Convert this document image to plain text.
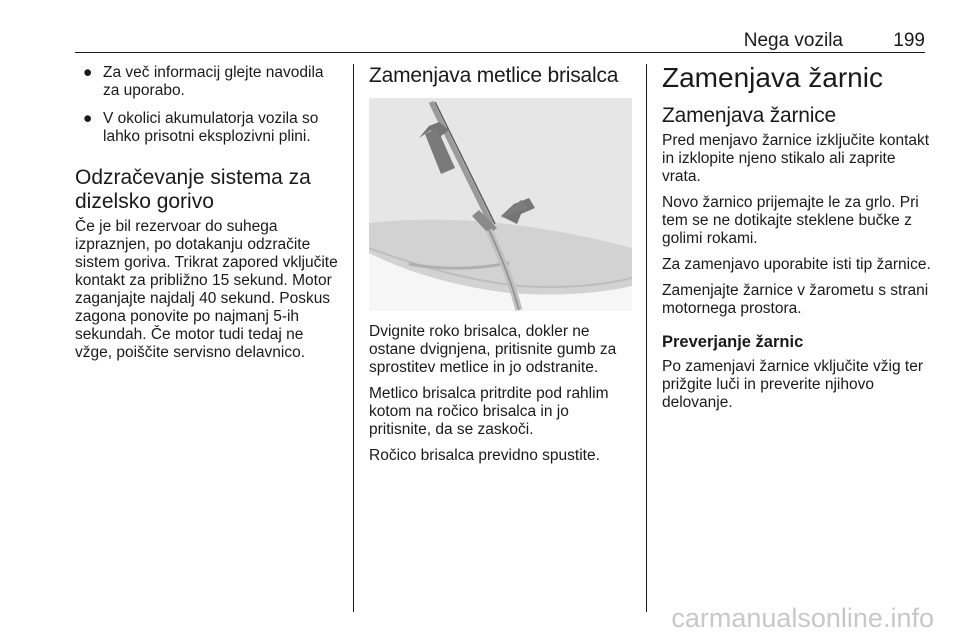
Nega vozila	199
● Za več informacij glejte navodila za uporabo.
● V okolici akumulatorja vozila so lahko prisotni eksplozivni plini.
Odzračevanje sistema za dizelsko gorivo

Če je bil rezervoar do suhega izpraznjen, po dotakanju odzračite sistem goriva. Trikrat zapored vključite kontakt za približno 15 sekund. Motor zaganjajte najdalj 40 sekund. Poskus zagona ponovite po najmanj 5-ih sekundah. Če motor tudi tedaj ne vžge, poiščite servisno delavnico.

Zamenjava metlice brisalca

Dvignite roko brisalca, dokler ne ostane dvignjena, pritisnite gumb za sprostitev metlice in jo odstranite.

Metlico brisalca pritrdite pod rahlim kotom na ročico brisalca in jo pritisnite, da se zaskoči.

Ročico brisalca previdno spustite.

Zamenjava žarnic
Zamenjava žarnice

Pred menjavo žarnice izklјučite kontakt in izklopite njeno stikalo ali zaprite vrata.

Novo žarnico prijemajte le za grlo. Pri tem se ne dotikajte steklene bučke z golimi rokami.

Za zamenjavo uporabite isti tip žarnice.

Zamenjajte žarnice v žarometu s strani motornega prostora.

Preverjanje žarnic

Po zamenjavi žarnice vključite vžig ter prižgite luči in preverite njihovo delovanje.

carmanualsonline.info
